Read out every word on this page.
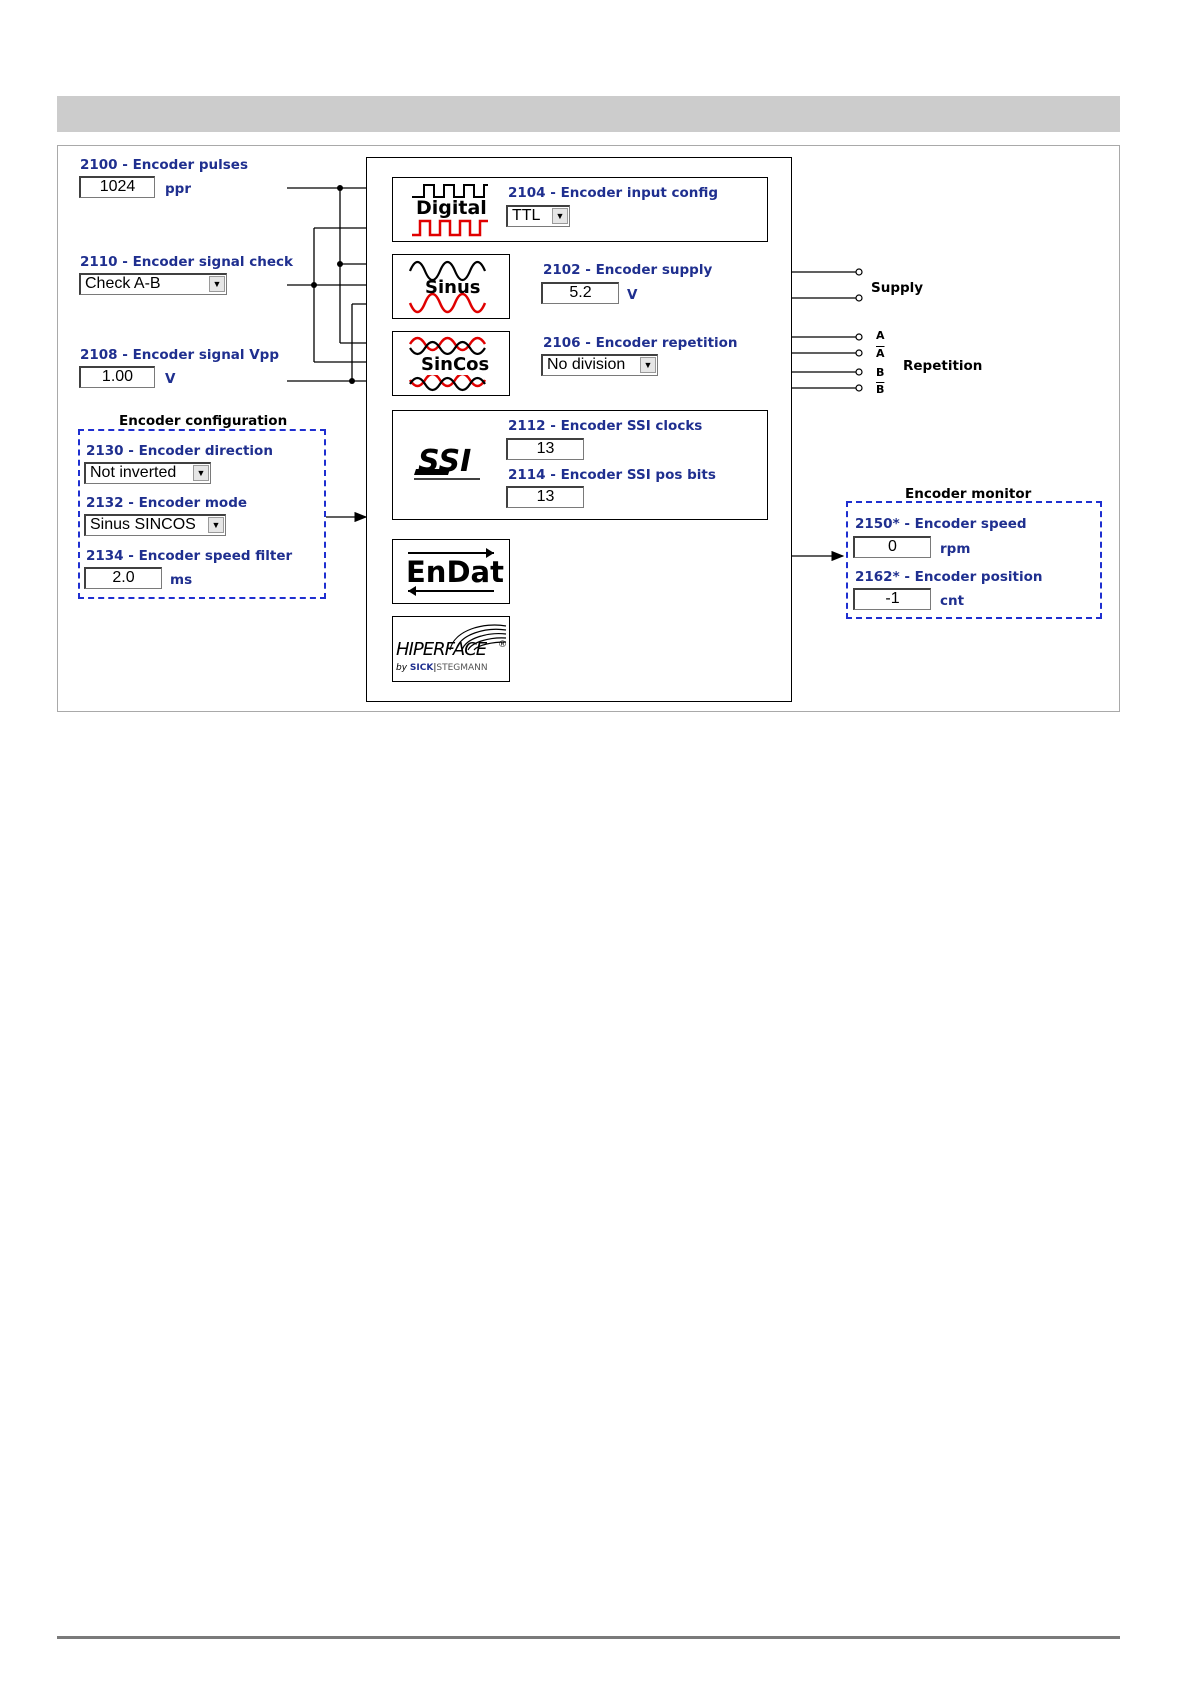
2100 - Encoder pulses
1024	ppr
2110 - Encoder signal check
Check A-B	▼
2108 - Encoder signal Vpp
1.00	V
Encoder configuration
2130 - Encoder direction
Not inverted	▼
2132 - Encoder mode
Sinus SINCOS	▼
2134 - Encoder speed filter
2.0	ms
Digital
2104 - Encoder input config
TTL	▼
Sinus
2102 - Encoder supply
5.2	V
SinCos
2106 - Encoder repetition
No division	▼
SSI
2112 - Encoder SSI clocks
13
2114 - Encoder SSI pos bits
13
EnDat
HIPERFACE ®
by SICK|STEGMANN
Supply
A
$\overline{A}$
B
$\overline{B}$
Repetition
Encoder monitor
2150* - Encoder speed
0	rpm
2162* - Encoder position
-1	cnt
